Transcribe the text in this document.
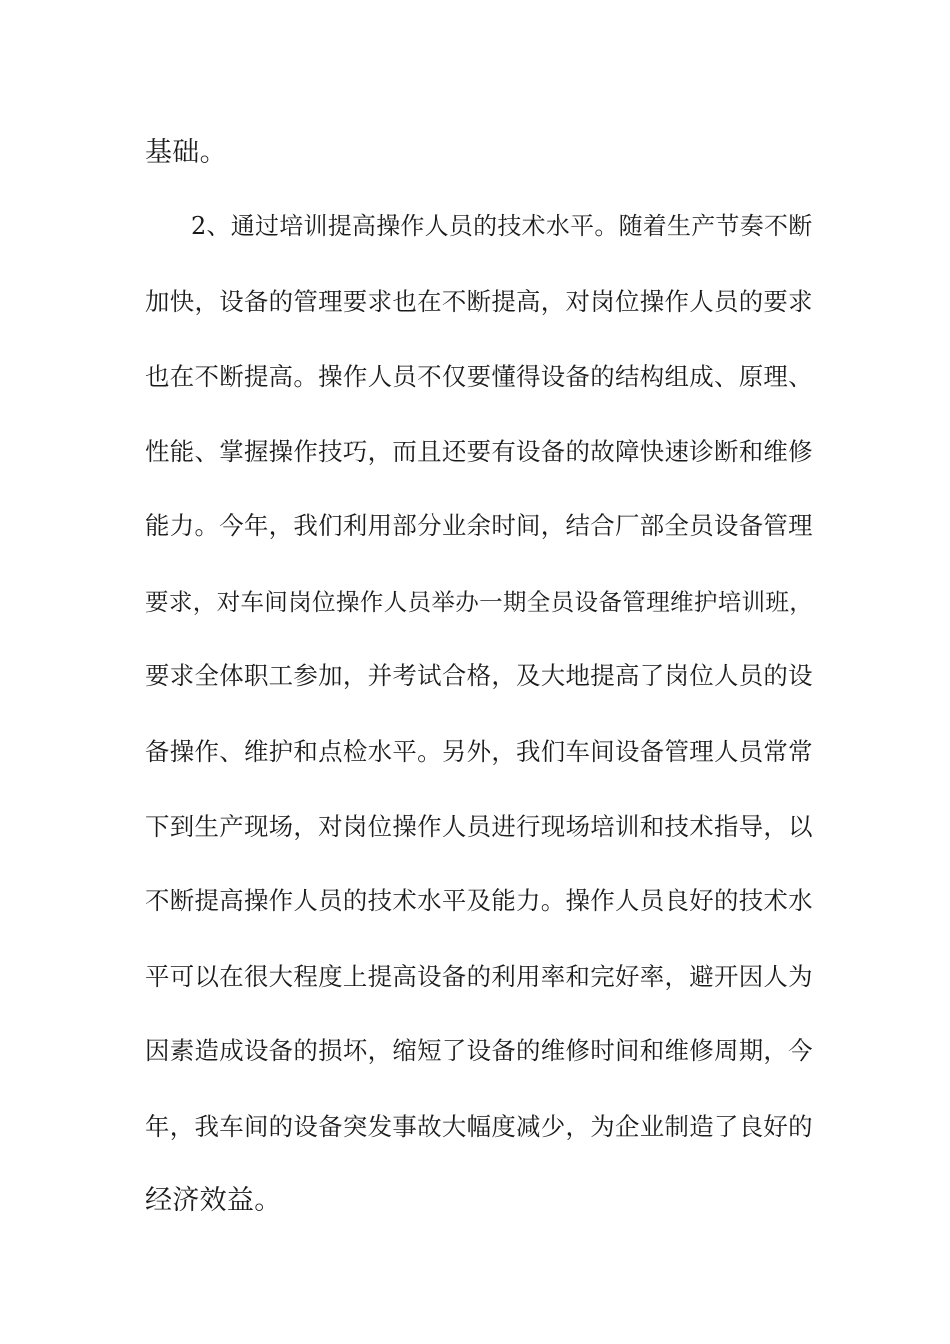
基础。
2、通过培训提高操作人员的技术水平。随着生产节奏不断
加快，设备的管理要求也在不断提高，对岗位操作人员的要求
也在不断提高。操作人员不仅要懂得设备的结构组成、原理、
性能、掌握操作技巧，而且还要有设备的故障快速诊断和维修
能力。今年，我们利用部分业余时间，结合厂部全员设备管理
要求，对车间岗位操作人员举办一期全员设备管理维护培训班，
要求全体职工参加，并考试合格，及大地提高了岗位人员的设
备操作、维护和点检水平。另外，我们车间设备管理人员常常
下到生产现场，对岗位操作人员进行现场培训和技术指导，以
不断提高操作人员的技术水平及能力。操作人员良好的技术水
平可以在很大程度上提高设备的利用率和完好率，避开因人为
因素造成设备的损坏，缩短了设备的维修时间和维修周期，今
年，我车间的设备突发事故大幅度减少，为企业制造了良好的
经济效益。
